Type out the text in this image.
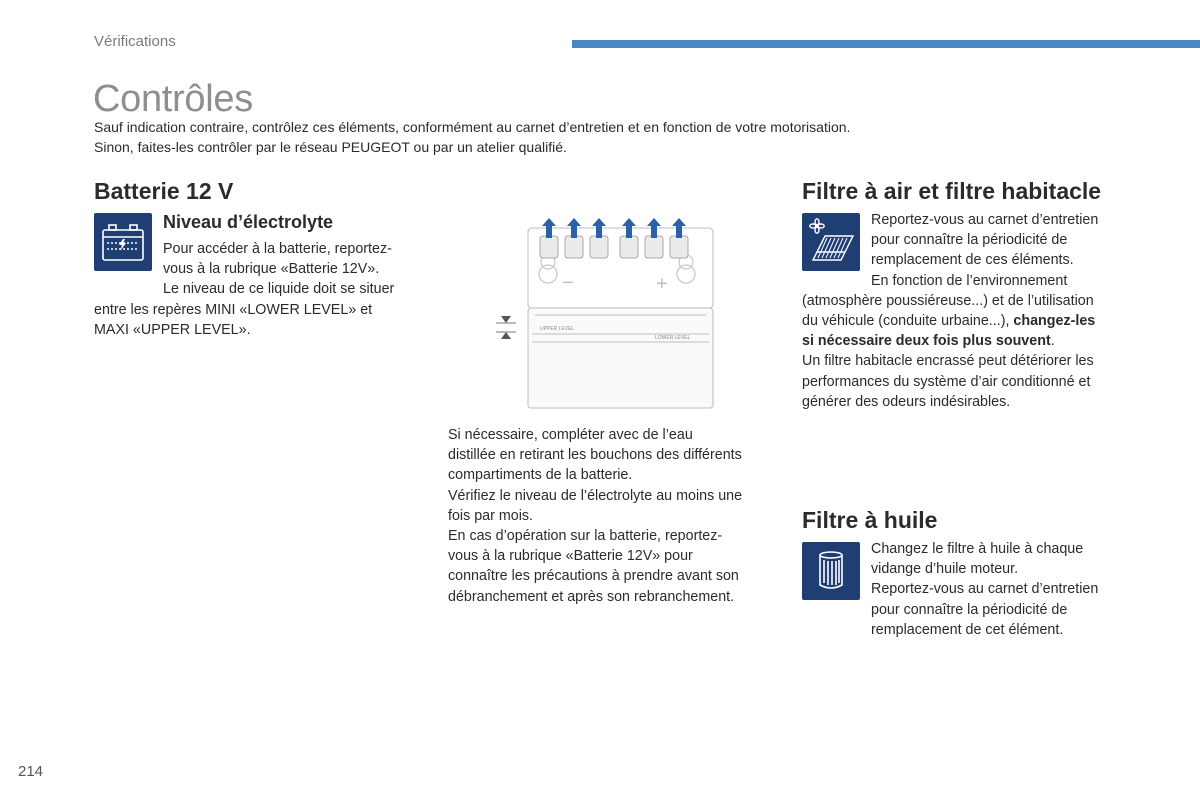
Vérifications
Contrôles
Sauf indication contraire, contrôlez ces éléments, conformément au carnet d’entretien et en fonction de votre motorisation.
Sinon, faites-les contrôler par le réseau PEUGEOT ou par un atelier qualifié.
Batterie 12 V
Niveau d’électrolyte

Pour accéder à la batterie, reportez-

vous à la rubrique «Batterie 12V».

Le niveau de ce liquide doit se situer

entre les repères MINI «LOWER LEVEL» et

MAXI «UPPER LEVEL».

−	+
UPPER LEVEL
LOWER LEVEL

Si nécessaire, compléter avec de l’eau

distillée en retirant les bouchons des différents

compartiments de la batterie.

Vérifiez le niveau de l’électrolyte au moins une

fois par mois.

En cas d’opération sur la batterie, reportez-

vous à la rubrique «Batterie 12V» pour

connaître les précautions à prendre avant son

débranchement et après son rebranchement.

Filtre à air et filtre habitacle

Reportez-vous au carnet d’entretien

pour connaître la périodicité de

remplacement de ces éléments.

En fonction de l’environnement

(atmosphère poussiéreuse...) et de l’utilisation

du véhicule (conduite urbaine...), changez-les

si nécessaire deux fois plus souvent.

Un filtre habitacle encrassé peut détériorer les

performances du système d’air conditionné et

générer des odeurs indésirables.

Filtre à huile

Changez le filtre à huile à chaque

vidange d’huile moteur.

Reportez-vous au carnet d’entretien

pour connaître la périodicité de

remplacement de cet élément.

214
